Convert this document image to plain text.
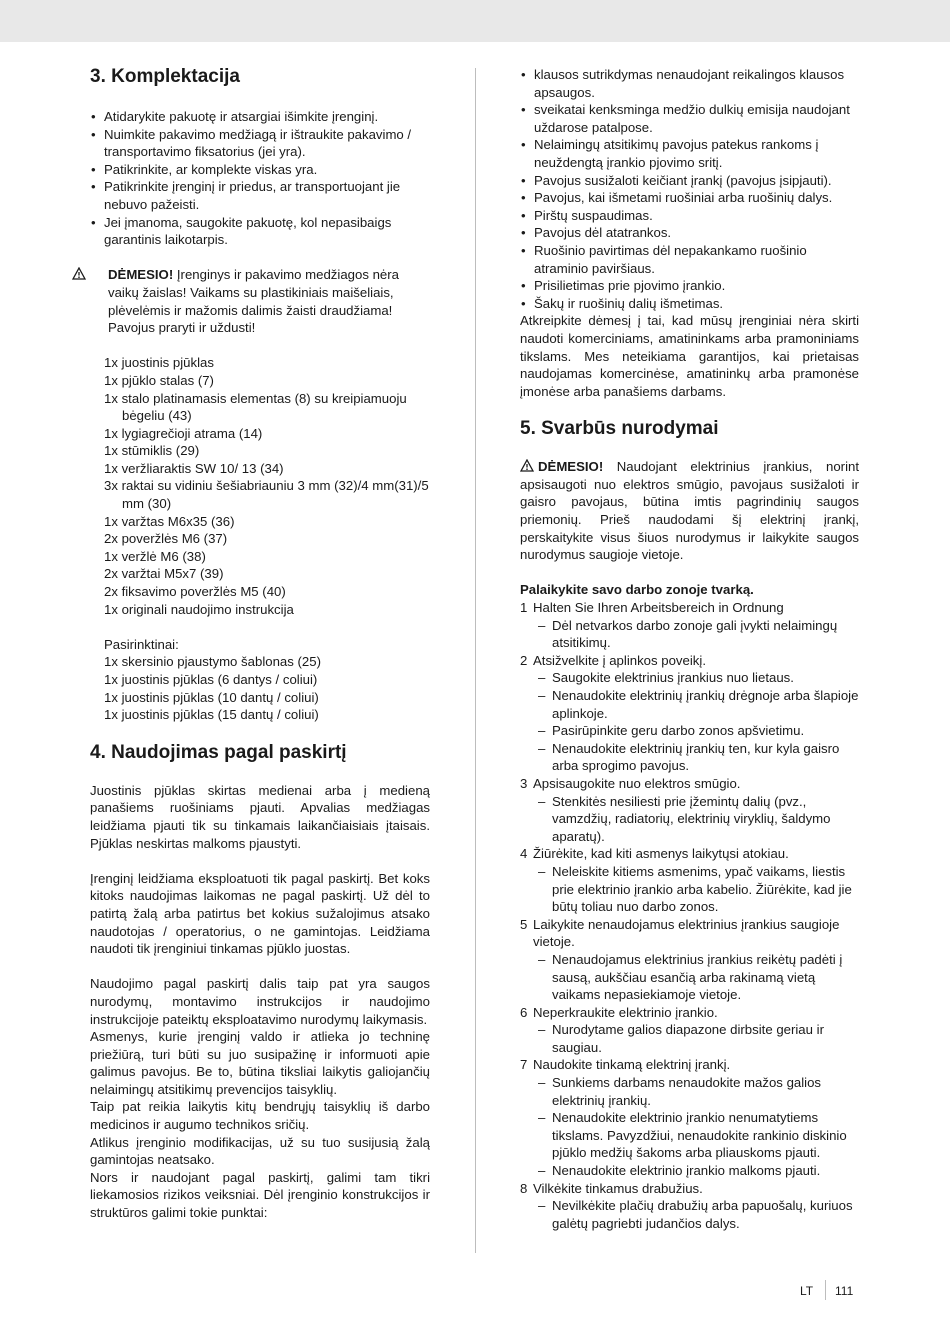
3. Komplektacija
• Atidarykite pakuotę ir atsargiai išimkite įrenginį.
• Nuimkite pakavimo medžiagą ir ištraukite pakavimo / transportavimo fiksatorius (jei yra).
• Patikrinkite, ar komplekte viskas yra.
• Patikrinkite įrenginį ir priedus, ar transportuojant jie nebuvo pažeisti.
• Jei įmanoma, saugokite pakuotę, kol nepasibaigs garantinis laikotarpis.
DĖMESIO! Įrenginys ir pakavimo medžiagos nėra vaikų žaislas! Vaikams su plastikiniais maišeliais, plėvelėmis ir mažomis dalimis žaisti draudžiama! Pavojus praryti ir uždusti!
1x juostinis pjūklas
1x pjūklo stalas (7)
1x stalo platinamasis elementas (8) su kreipiamuoju bėgeliu (43)
1x lygiagrečioji atrama (14)
1x stūmiklis (29)
1x veržliaraktis SW 10/ 13 (34)
3x raktai su vidiniu šešiabriauniu 3 mm (32)/4 mm(31)/5 mm (30)
1x varžtas M6x35 (36)
2x poveržlės M6 (37)
1x veržlė M6 (38)
2x varžtai M5x7 (39)
2x fiksavimo poveržlės M5 (40)
1x originali naudojimo instrukcija
Pasirinktinai:
1x skersinio pjaustymo šablonas (25)
1x juostinis pjūklas (6 dantys / coliui)
1x juostinis pjūklas (10 dantų / coliui)
1x juostinis pjūklas (15 dantų / coliui)
4. Naudojimas pagal paskirtį

Juostinis pjūklas skirtas medienai arba į medieną panašiems ruošiniams pjauti. Apvalias medžiagas leidžiama pjauti tik su tinkamais laikančiaisiais įtaisais. Pjūklas neskirtas malkoms pjaustyti.

Įrenginį leidžiama eksploatuoti tik pagal paskirtį. Bet koks kitoks naudojimas laikomas ne pagal paskirtį. Už dėl to patirtą žalą arba patirtus bet kokius sužalojimus atsako naudotojas / operatorius, o ne gamintojas. Leidžiama naudoti tik įrenginiui tinkamas pjūklo juostas.

Naudojimo pagal paskirtį dalis taip pat yra saugos nurodymų, montavimo instrukcijos ir naudojimo instrukcijoje pateiktų eksploatavimo nurodymų laikymasis.

Asmenys, kurie įrenginį valdo ir atlieka jo techninę priežiūrą, turi būti su juo susipažinę ir informuoti apie galimus pavojus. Be to, būtina tiksliai laikytis galiojančių nelaimingų atsitikimų prevencijos taisyklių.

Taip pat reikia laikytis kitų bendrųjų taisyklių iš darbo medicinos ir augumo technikos sričių.

Atlikus įrenginio modifikacijas, už su tuo susijusią žalą gamintojas neatsako.

Nors ir naudojant pagal paskirtį, galimi tam tikri liekamosios rizikos veiksniai. Dėl įrenginio konstrukcijos ir struktūros galimi tokie punktai:

• klausos sutrikdymas nenaudojant reikalingos klausos apsaugos.
• sveikatai kenksminga medžio dulkių emisija naudojant uždarose patalpose.
• Nelaimingų atsitikimų pavojus patekus rankoms į neuždengtą įrankio pjovimo sritį.
• Pavojus susižaloti keičiant įrankį (pavojus įsipjauti).
• Pavojus, kai išmetami ruošiniai arba ruošinių dalys.
• Pirštų suspaudimas.
• Pavojus dėl atatrankos.
• Ruošinio pavirtimas dėl nepakankamo ruošinio atraminio paviršiaus.
• Prisilietimas prie pjovimo įrankio.
• Šakų ir ruošinių dalių išmetimas.

Atkreipkite dėmesį į tai, kad mūsų įrenginiai nėra skirti naudoti komerciniams, amatininkams arba pramoniniams tikslams. Mes neteikiama garantijos, kai prietaisas naudojamas komercinėse, amatininkų arba pramonėse įmonėse arba panašiems darbams.

5. Svarbūs nurodymai

DĖMESIO! Naudojant elektrinius įrankius, norint apsisaugoti nuo elektros smūgio, pavojaus susižaloti ir gaisro pavojaus, būtina imtis pagrindinių saugos priemonių. Prieš naudodami šį elektrinį įrankį, perskaitykite visus šiuos nurodymus ir laikykite saugos nurodymus saugioje vietoje.

Palaikykite savo darbo zonoje tvarką.
1 Halten Sie Ihren Arbeitsbereich in Ordnung
– Dėl netvarkos darbo zonoje gali įvykti nelaimingų atsitikimų.
2 Atsižvelkite į aplinkos poveikį.
– Saugokite elektrinius įrankius nuo lietaus.
– Nenaudokite elektrinių įrankių drėgnoje arba šlapioje aplinkoje.
– Pasirūpinkite geru darbo zonos apšvietimu.
– Nenaudokite elektrinių įrankių ten, kur kyla gaisro arba sprogimo pavojus.
3 Apsisaugokite nuo elektros smūgio.
– Stenkitės nesiliesti prie įžemintų dalių (pvz., vamzdžių, radiatorių, elektrinių viryklių, šaldymo aparatų).
4 Žiūrėkite, kad kiti asmenys laikytųsi atokiau.
– Neleiskite kitiems asmenims, ypač vaikams, liestis prie elektrinio įrankio arba kabelio. Žiūrėkite, kad jie būtų toliau nuo darbo zonos.
5 Laikykite nenaudojamus elektrinius įrankius saugioje vietoje.
– Nenaudojamus elektrinius įrankius reikėtų padėti į sausą, aukščiau esančią arba rakinamą vietą vaikams nepasiekiamoje vietoje.
6 Neperkraukite elektrinio įrankio.
– Nurodytame galios diapazone dirbsite geriau ir saugiau.
7 Naudokite tinkamą elektrinį įrankį.
– Sunkiems darbams nenaudokite mažos galios elektrinių įrankių.
– Nenaudokite elektrinio įrankio nenumatytiems tikslams. Pavyzdžiui, nenaudokite rankinio diskinio pjūklo medžių šakoms arba pliauskoms pjauti.
– Nenaudokite elektrinio įrankio malkoms pjauti.
8 Vilkėkite tinkamus drabužius.
– Nevilkėkite plačių drabužių arba papuošalų, kuriuos galėtų pagriebti judančios dalys.
LT 111
